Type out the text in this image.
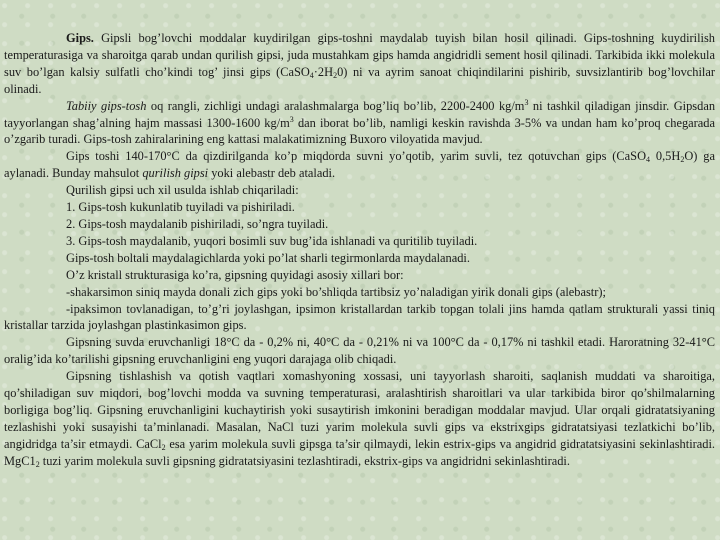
Gips. Gipsli bog’lovchi moddalar kuydirilgan gips-toshni maydalab tuyish bilan hosil qilinadi. Gips-toshning kuydirilish temperaturasiga va sharoitga qarab undan qurilish gipsi, juda mustahkam gips hamda angidridli sement hosil qilinadi. Tarkibida ikki molekula suv bo’lgan kalsiy sulfatli cho’kindi tog’ jinsi gips $(CaSO_4\cdot 2H_20)$ ni va ayrim sanoat chiqindilarini pishirib, suvsizlantirib bog’lovchilar olinadi.

Tabiiy gips-tosh oq rangli, zichligi undagi aralashmalarga bog’liq bo’lib, 2200-2400 $kg/m^3$ ni tashkil qiladigan jinsdir. Gipsdan tayyorlangan shag’alning hajm massasi 1300-1600 $kg/m^3$ dan iborat bo’lib, namligi keskin ravishda 3-5% va undan ham ko’proq chegarada o’zgarib turadi. Gips-tosh zahiralarining eng kattasi malakatimizning Buxoro viloyatida mavjud.

Gips toshi 140-170°C da qizdirilganda ko’p miqdorda suvni yo’qotib, yarim suvli, tez qotuvchan gips (CaSO$_4$ $0,5H_2O$) ga aylanadi. Bunday mahsulot qurilish gipsi yoki alebastr deb ataladi.

Qurilish gipsi uch xil usulda ishlab chiqariladi:

1. Gips-tosh kukunlatib tuyiladi va pishiriladi.

2. Gips-tosh maydalanib pishiriladi, so’ngra tuyiladi.

3. Gips-tosh maydalanib, yuqori bosimli suv bug’ida ishlanadi va quritilib tuyiladi.

Gips-tosh boltali maydalagichlarda yoki po’lat sharli tegirmonlarda maydalanadi.

O’z kristall strukturasiga ko’ra, gipsning quyidagi asosiy xillari bor:

-shakarsimon siniq mayda donali zich gips yoki bo’shliqda tartibsiz yo’naladigan yirik donali gips (alebastr);

-ipaksimon tovlanadigan, to’g’ri joylashgan, ipsimon kristallardan tarkib topgan tolali jins hamda qatlam strukturali yassi tiniq kristallar tarzida joylashgan plastinkasimon gips.

Gipsning suvda eruvchanligi 18°C da - 0,2% ni, 40°C da - 0,21% ni va 100°C da - 0,17% ni tashkil etadi. Haroratning 32-41°C oralig’ida ko’tarilishi gipsning eruvchanligini eng yuqori darajaga olib chiqadi.

Gipsning tishlashish va qotish vaqtlari xomashyoning xossasi, uni tayyorlash sharoiti, saqlanish muddati va sharoitiga, qo’shiladigan suv miqdori, bog’lovchi modda va suvning temperaturasi, aralashtirish sharoitlari va ular tarkibida biror qo’shilmalarning borligiga bog’liq. Gipsning eruvchanligini kuchaytirish yoki susaytirish imkonini beradigan moddalar mavjud. Ular orqali gidratatsiyaning tezlashishi yoki susayishi ta’minlanadi. Masalan, NaCl tuzi yarim molekula suvli gips va ekstrixgips gidratatsiyasi tezlatkichi bo’lib, angidridga ta’sir etmaydi. CaCl$_2$ esa yarim molekula suvli gipsga ta’sir qilmaydi, lekin estrix-gips va angidrid gidratatsiyasini sekinlashtiradi. $MgC1_2$ tuzi yarim molekula suvli gipsning gidratatsiyasini tezlashtiradi, ekstrix-gips va angidridni sekinlashtiradi.
